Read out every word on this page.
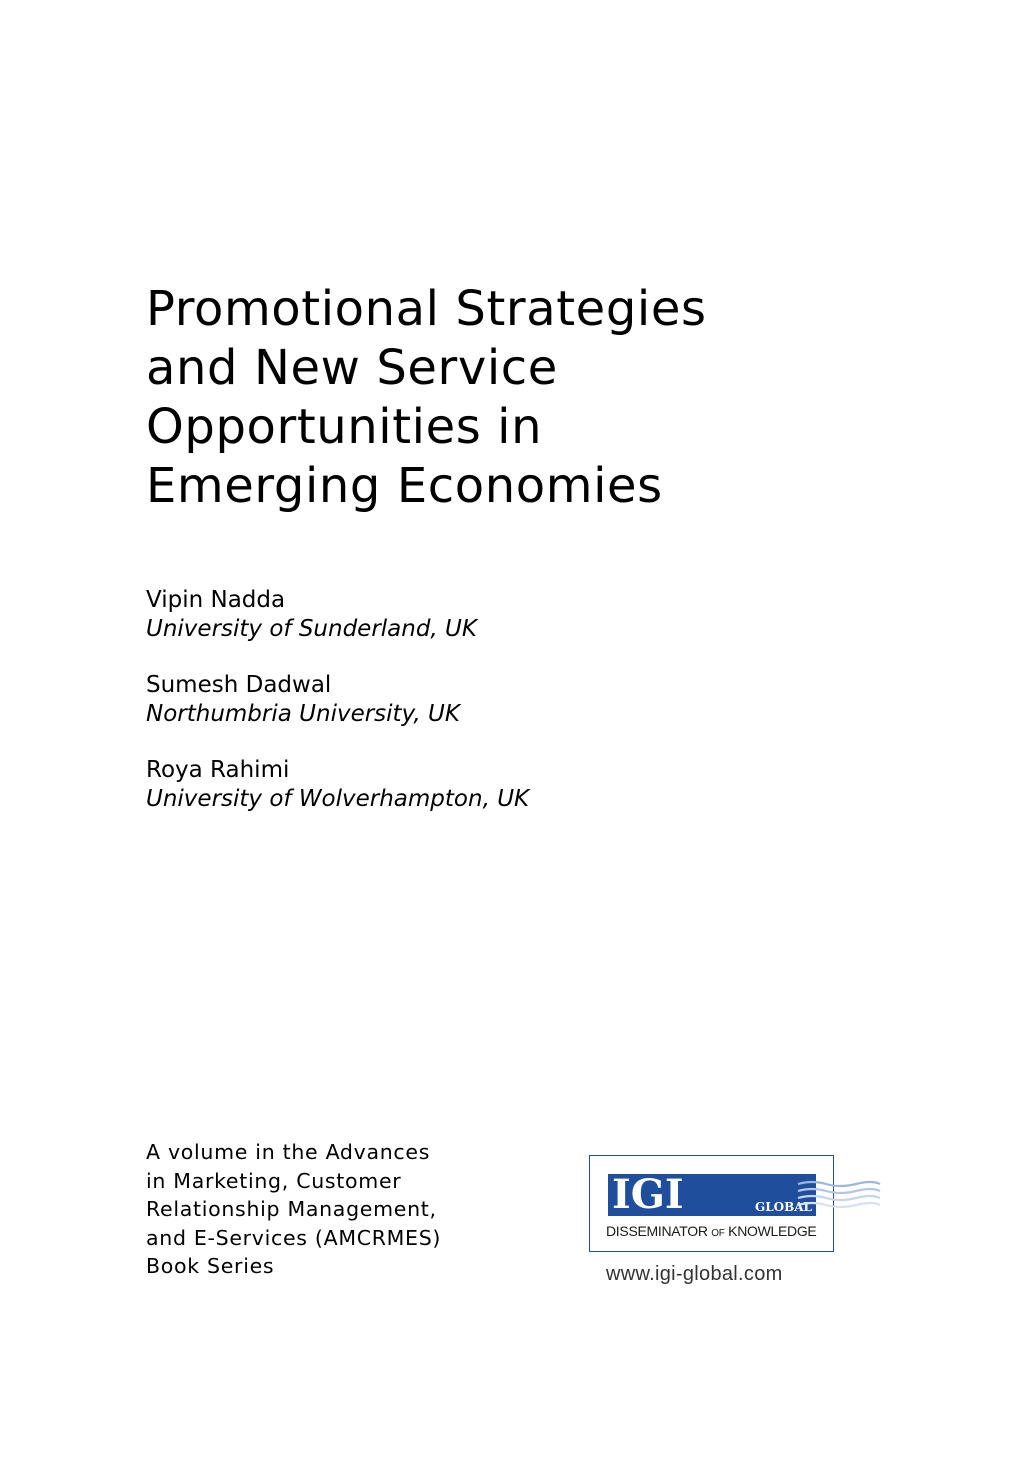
Promotional Strategies
and New Service
Opportunities in
Emerging Economies
Vipin Nadda
University of Sunderland, UK
Sumesh Dadwal
Northumbria University, UK
Roya Rahimi
University of Wolverhampton, UK
A volume in the Advances
in Marketing, Customer
Relationship Management,
and E-Services (AMCRMES)
Book Series
IGI	GLOBAL
DISSEMINATOR OF KNOWLEDGE
www.igi-global.com
